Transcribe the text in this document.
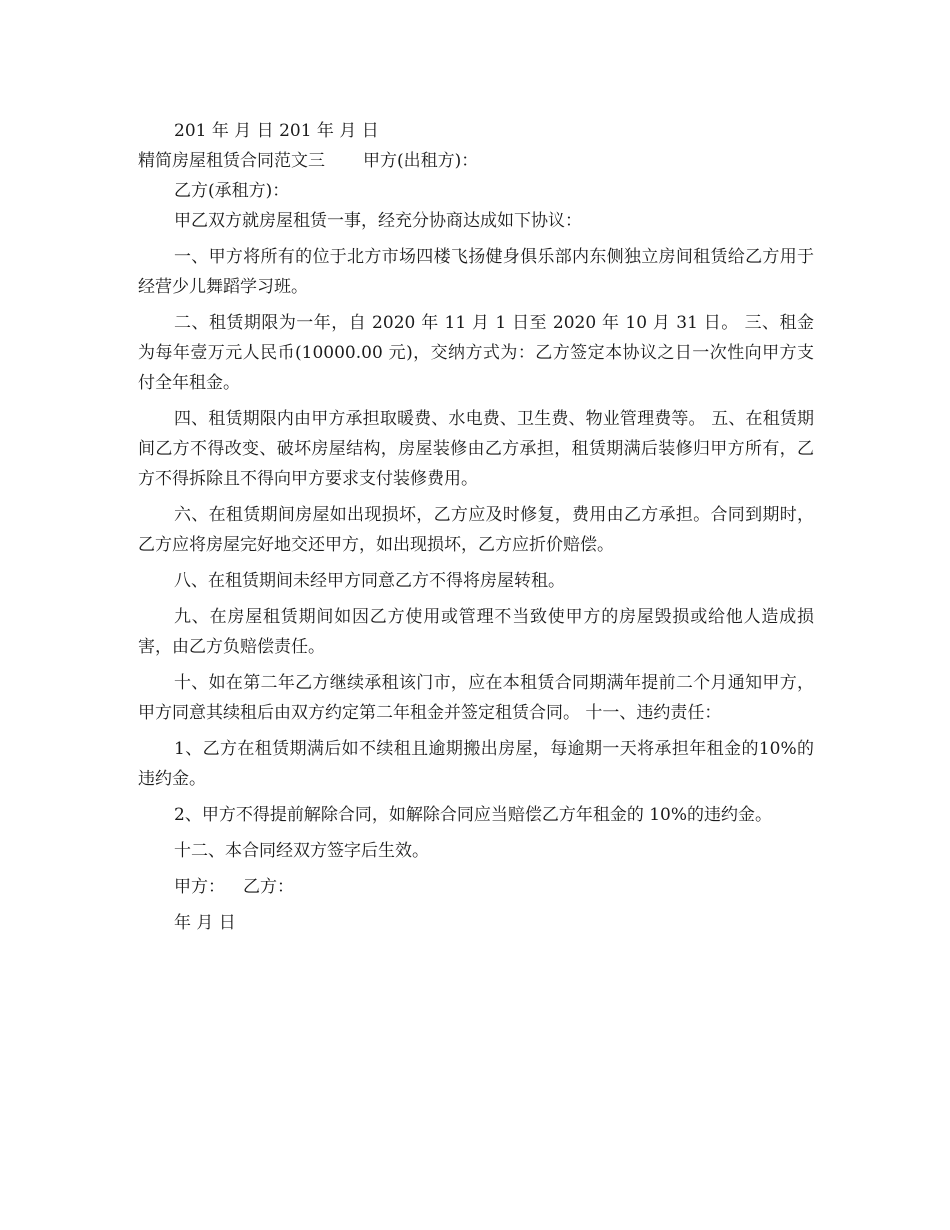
201 年 月 日 201 年 月 日
精简房屋租赁合同范文三 甲方(出租方)：
乙方(承租方)：

甲乙双方就房屋租赁一事，经充分协商达成如下协议：

一、甲方将所有的位于北方市场四楼飞扬健身俱乐部内东侧独立房间租赁给乙方用于经营少儿舞蹈学习班。

二、租赁期限为一年，自 2020 年 11 月 1 日至 2020 年 10 月 31 日。 三、租金为每年壹万元人民币(10000.00 元)，交纳方式为：乙方签定本协议之日一次性向甲方支付全年租金。

四、租赁期限内由甲方承担取暖费、水电费、卫生费、物业管理费等。 五、在租赁期间乙方不得改变、破坏房屋结构，房屋装修由乙方承担，租赁期满后装修归甲方所有，乙方不得拆除且不得向甲方要求支付装修费用。

六、在租赁期间房屋如出现损坏，乙方应及时修复，费用由乙方承担。合同到期时，乙方应将房屋完好地交还甲方，如出现损坏，乙方应折价赔偿。

八、在租赁期间未经甲方同意乙方不得将房屋转租。

九、在房屋租赁期间如因乙方使用或管理不当致使甲方的房屋毁损或给他人造成损害，由乙方负赔偿责任。

十、如在第二年乙方继续承租该门市，应在本租赁合同期满年提前二个月通知甲方，甲方同意其续租后由双方约定第二年租金并签定租赁合同。 十一、违约责任：

1、乙方在租赁期满后如不续租且逾期搬出房屋，每逾期一天将承担年租金的10%的违约金。

2、甲方不得提前解除合同，如解除合同应当赔偿乙方年租金的 10%的违约金。

十二、本合同经双方签字后生效。

甲方： 乙方：
年 月 日
